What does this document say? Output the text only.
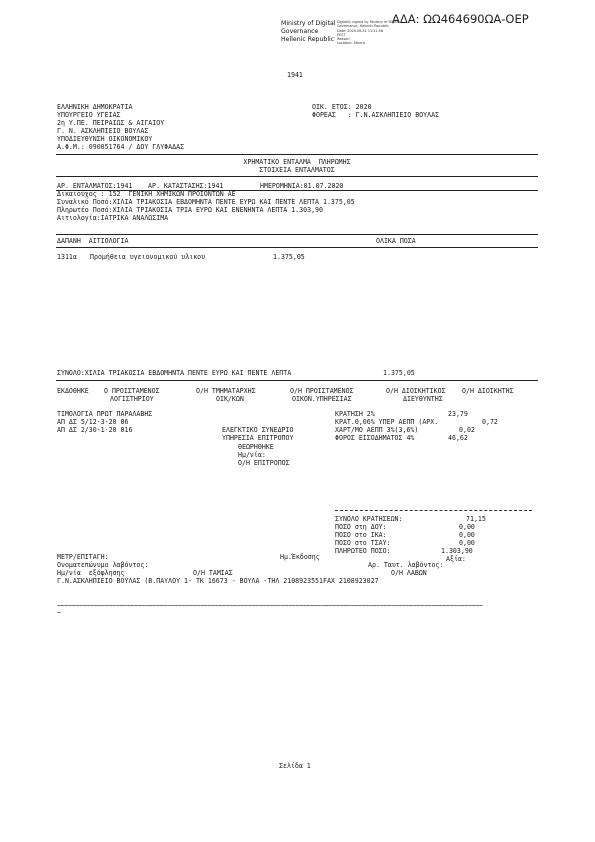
ΑΔΑ: ΩΩ464690ΩΑ-ΟΕΡ
Ministry of Digital
Governance
Hellenic Republic
Digitally signed by Ministry of Digital
Governance, Hellenic Republic
Date: 2020.08.31 11:21:58
EEST
Reason:
Location: Athens
1941
ΕΛΛΗΝΙΚΗ ΔΗΜΟΚΡΑΤΙΑ
ΥΠΟΥΡΓΕΙΟ ΥΓΕΙΑΣ
2η Υ.ΠΕ. ΠΕΙΡΑΙΩΣ & ΑΙΓΑΙΟΥ
Γ. Ν. ΑΣΚΛΗΠΙΕΙΟ ΒΟΥΛΑΣ
ΥΠΟΔΙΕΥΘΥΝΣΗ ΟΙΚΟΝΟΜΙΚΟΥ
Α.Φ.Μ.: 090051764 / ΔΟΥ ΓΛΥΦΑΔΑΣ
ΟΙΚ. ΕΤΟΣ: 2020
ΦΟΡΕΑΣ   : Γ.Ν.ΑΣΚΛΗΠΙΕΙΟ ΒΟΥΛΑΣ
ΧΡΗΜΑΤΙΚΟ ΕΝΤΑΛΜΑ  ΠΛΗΡΩΜΗΣ
ΣΤΟΙΧΕΙΑ ΕΝΤΑΛΜΑΤΟΣ
ΑΡ. ΕΝΤΑΛΜΑΤΟΣ:1941 ΑΡ. ΚΑΤΑΣΤΑΣΗΣ:1941	ΗΜΕΡΟΜΗΝΙΑ:01.07.2020
Δικαιούχος : 152  ΓΕΝΙΚΗ ΧΗΜΙΚΩΝ ΠΡΟΙΟΝΤΩΝ ΑΕ
Συναλικό Ποσό:ΧΙΛΙΑ ΤΡΙΑΚΟΣΙΑ ΕΒΔΟΜΗΝΤΑ ΠΕΝΤΕ ΕΥΡΩ ΚΑΙ ΠΕΝΤΕ ΛΕΠΤΑ 1.375,05
Πληρωτέο Ποσό:ΧΙΛΙΑ ΤΡΙΑΚΟΣΙΑ ΤΡΙΑ ΕΥΡΩ ΚΑΙ ΕΝΕΝΗΝΤΑ ΛΕΠΤΑ 1.303,90
Αιτιολογία:ΙΑΤΡΙΚΑ ΑΝΑΛΩΣΙΜΑ
ΔΑΠΑΝΗ  ΑΙΤΙΟΛΟΓΙΑ	ΟΛΙΚΑ ΠΟΣΑ
1311α Προμήθεια υγειονομικού υλικου	1.375,05
ΣΥΝΟΛΟ:ΧΙΛΙΑ ΤΡΙΑΚΟΣΙΑ ΕΒΔΟΜΗΝΤΑ ΠΕΝΤΕ ΕΥΡΩ ΚΑΙ ΠΕΝΤΕ ΛΕΠΤΑ	1.375,05
ΕΚΔΟΘΗΚΕ Ο ΠΡΟΙΣΤΑΜΕΝΟΣ
ΛΟΓΙΣΤΗΡΙΟΥ
Ο/Η ΤΜΗΜΑΤΑΡΧΗΣ
ΟΙΚ/ΚΩΝ
Ο/Η ΠΡΟΙΣΤΑΜΕΝΟΣ
ΟΙΚΟΝ.ΥΠΗΡΕΣΙΑΣ
Ο/Η ΔΙΟΙΚΗΤΙΚΟΣ
ΔΙΕΥΘΥΝΤΗΣ
Ο/Η ΔΙΟΙΚΗΤΗΣ
ΤΙΜΟΛΟΓΙΑ ΠΡΩΤ ΠΑΡΑΛΑΒΗΣ
ΑΠ ΔΣ 5/12-3-20 Θ6
ΑΠ ΔΣ 2/30-1-20 Θ16	ΕΛΕΓΚΤΙΚΟ ΣΥΝΕΔΡΙΟ
ΥΠΗΡΕΣΙΑ ΕΠΙΤΡΟΠΟΥ
ΘΕΩΡΗΘΗΚΕ
Ημ/νία:
Ο/Η ΕΠΙΤΡΟΠΟΣ
ΚΡΑΤΗΣΗ 2%	23,79
ΚΡΑΤ.0,06% ΥΠΕΡ ΑΕΠΠ (ΑΡΧ.	0,72
ΧΑΡΤ/ΜΟ ΑΕΠΠ 3%(3,6%)	0,02
ΦΟΡΟΣ ΕΙΣΟΔΗΜΑΤΟΣ 4%	46,62
ΣΥΝΟΛΟ ΚΡΑΤΗΣΕΩΝ:	71,15
ΠΟΣΟ στη ΔΟΥ:	0,00
ΠΟΣΟ στο ΙΚΑ:	0,00
ΠΟΣΟ στο ΤΣΑΥ:	0,00
ΠΛΗΡΩΤΕΟ ΠΟΣΟ:	1.303,90
ΜΕΤΡ/ΕΠΙΤΑΓΗ:	Ημ.Έκδοσης	Αξία:
Ονοματεπώνυμο λαβόντος:	Αρ. Ταυτ. λαβόντος:
Ημ/νία  εξόφλησης	Ο/Η ΤΑΜΙΑΣ	Ο/Η ΛΑΒΩΝ
Γ.Ν.ΑΣΚΛΗΠΙΕΙΟ ΒΟΥΛΑΣ (Β.ΠΑΥΛΟΥ 1- ΤΚ 16673 - ΒΟΥΛΑ -ΤΗΛ 2108923551FAX 2108923027
~~~~~~~~~~~~~~~~~~~~~~~~~~~~~~~~~~~~~~~~~~~~~~~~~~~~~~~~~~~~~~~~~~~~~~~~~~~~~~~~~~~~~~~~~~~~~~~~~~~~~~~~~~~~~~~~~~~~
~
Σελίδα 1
